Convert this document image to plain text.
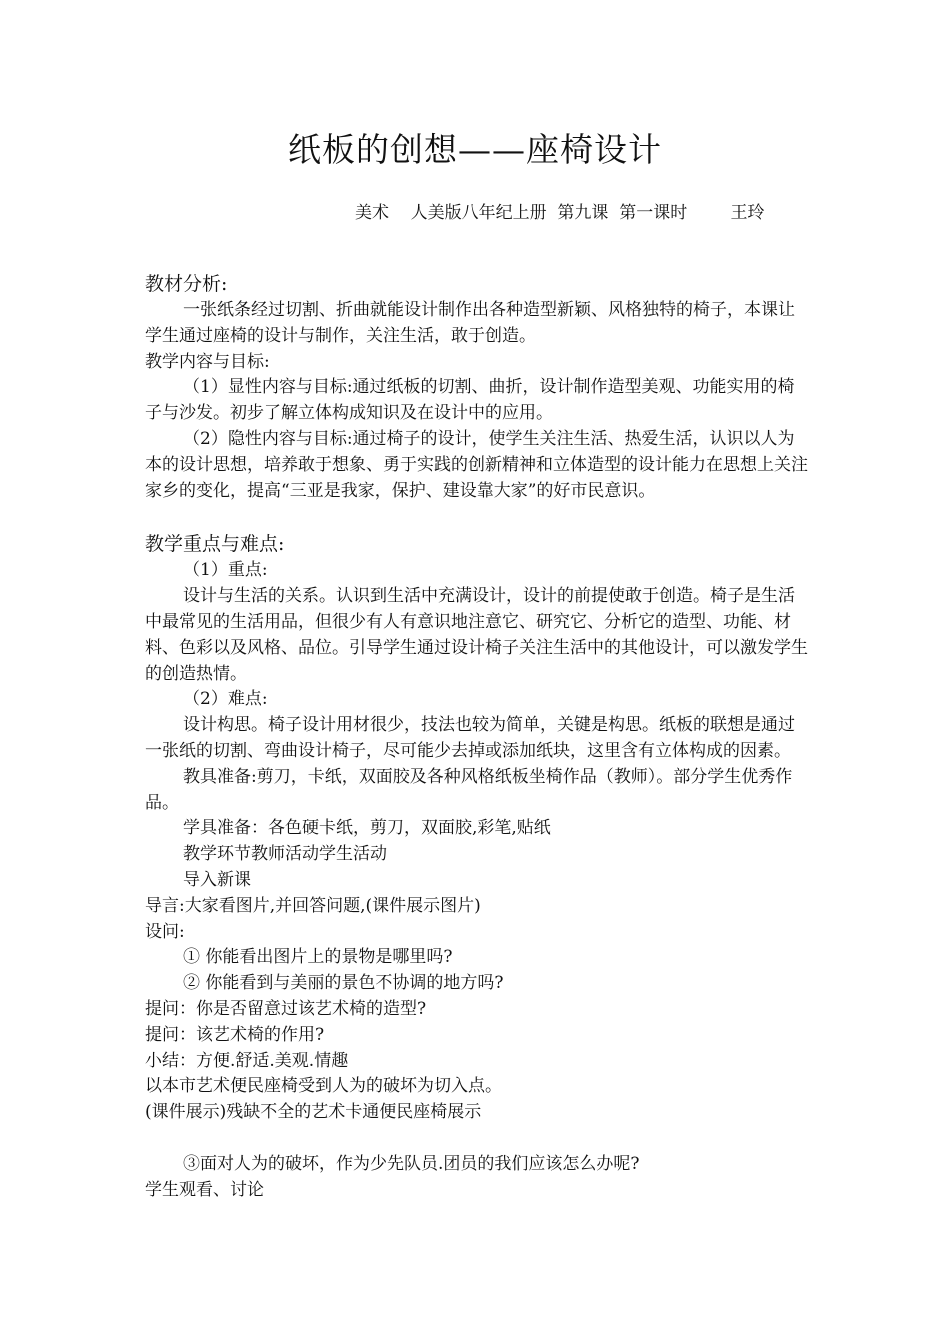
纸板的创想——座椅设计
美术    人美版八年纪上册  第九课  第一课时        王玲

教材分析:

一张纸条经过切割、折曲就能设计制作出各种造型新颖、风格独特的椅子，本课让学生通过座椅的设计与制作，关注生活，敢于创造。

教学内容与目标:

（1）显性内容与目标:通过纸板的切割、曲折，设计制作造型美观、功能实用的椅子与沙发。初步了解立体构成知识及在设计中的应用。

（2）隐性内容与目标:通过椅子的设计，使学生关注生活、热爱生活，认识以人为本的设计思想，培养敢于想象、勇于实践的创新精神和立体造型的设计能力在思想上关注家乡的变化，提高“三亚是我家，保护、建设靠大家”的好市民意识。

教学重点与难点:

（1）重点:

设计与生活的关系。认识到生活中充满设计，设计的前提使敢于创造。椅子是生活中最常见的生活用品，但很少有人有意识地注意它、研究它、分析它的造型、功能、材料、色彩以及风格、品位。引导学生通过设计椅子关注生活中的其他设计，可以激发学生的创造热情。

（2）难点:

设计构思。椅子设计用材很少，技法也较为简单，关键是构思。纸板的联想是通过一张纸的切割、弯曲设计椅子，尽可能少去掉或添加纸块，这里含有立体构成的因素。

教具准备:剪刀，卡纸，双面胶及各种风格纸板坐椅作品（教师）。部分学生优秀作品。

学具准备：各色硬卡纸，剪刀，双面胶,彩笔,贴纸

教学环节教师活动学生活动

导入新课

导言:大家看图片,并回答问题,(课件展示图片)

设问:

① 你能看出图片上的景物是哪里吗?

② 你能看到与美丽的景色不协调的地方吗?

提问：你是否留意过该艺术椅的造型?

提问：该艺术椅的作用?

小结：方便.舒适.美观.情趣

以本市艺术便民座椅受到人为的破坏为切入点。

(课件展示)残缺不全的艺术卡通便民座椅展示

③面对人为的破坏，作为少先队员.团员的我们应该怎么办呢?

学生观看、讨论
